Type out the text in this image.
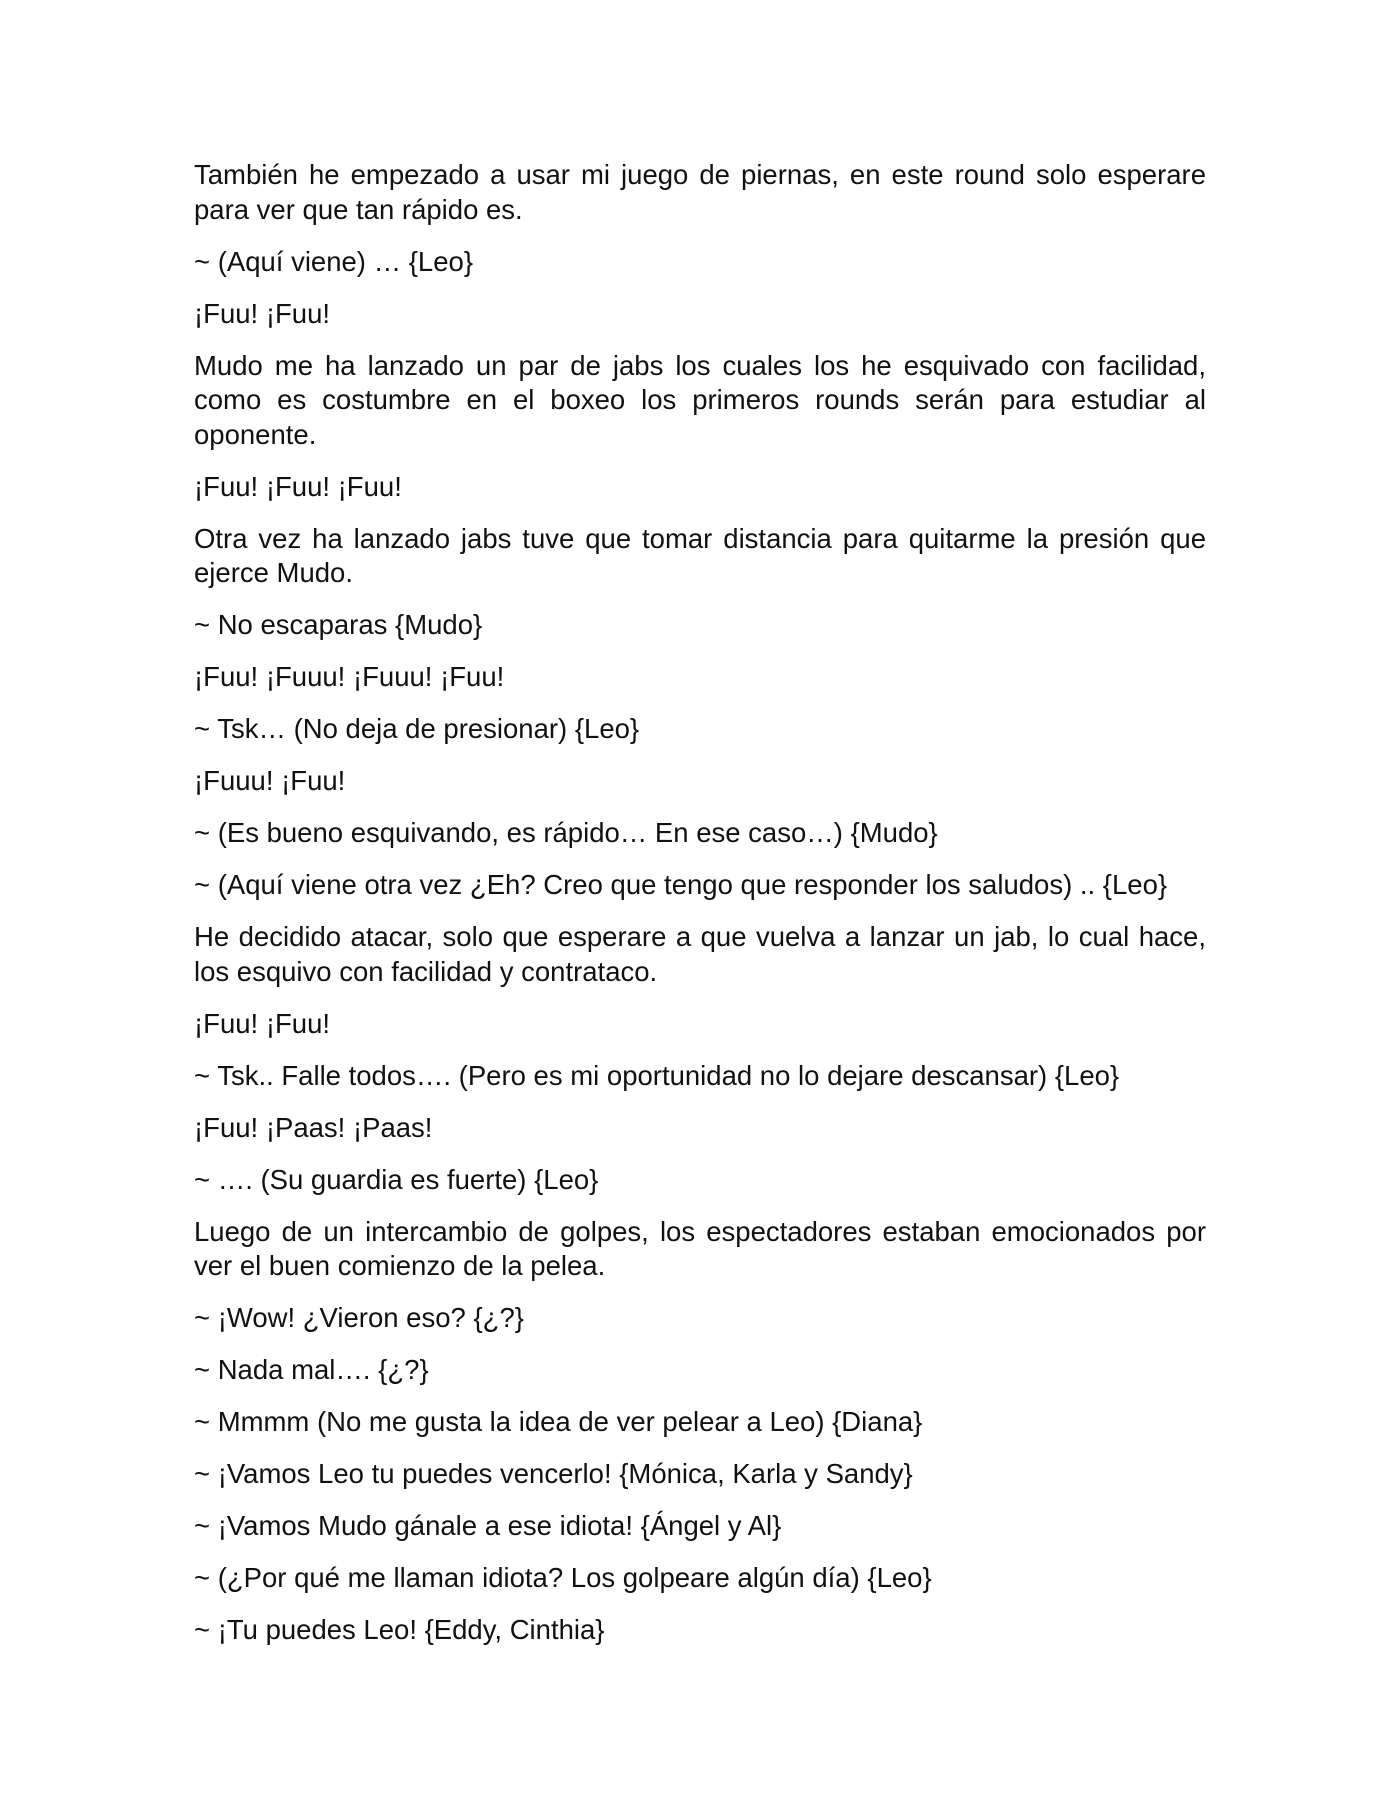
También he empezado a usar mi juego de piernas, en este round solo esperare para ver que tan rápido es.

~ (Aquí viene) … {Leo}

¡Fuu! ¡Fuu!

Mudo me ha lanzado un par de jabs los cuales los he esquivado con facilidad, como es costumbre en el boxeo los primeros rounds serán para estudiar al oponente.

¡Fuu! ¡Fuu! ¡Fuu!

Otra vez ha lanzado jabs tuve que tomar distancia para quitarme la presión que ejerce Mudo.

~ No escaparas {Mudo}

¡Fuu! ¡Fuuu! ¡Fuuu! ¡Fuu!

~ Tsk… (No deja de presionar) {Leo}

¡Fuuu! ¡Fuu!

~ (Es bueno esquivando, es rápido… En ese caso…) {Mudo}

~ (Aquí viene otra vez ¿Eh? Creo que tengo que responder los saludos) .. {Leo}

He decidido atacar, solo que esperare a que vuelva a lanzar un jab, lo cual hace, los esquivo con facilidad y contrataco.

¡Fuu! ¡Fuu!

~ Tsk.. Falle todos…. (Pero es mi oportunidad no lo dejare descansar) {Leo}

¡Fuu! ¡Paas! ¡Paas!

~ …. (Su guardia es fuerte) {Leo}

Luego de un intercambio de golpes, los espectadores estaban emocionados por ver el buen comienzo de la pelea.

~ ¡Wow! ¿Vieron eso? {¿?}

~ Nada mal…. {¿?}

~ Mmmm (No me gusta la idea de ver pelear a Leo) {Diana}

~ ¡Vamos Leo tu puedes vencerlo! {Mónica, Karla y Sandy}

~ ¡Vamos Mudo gánale a ese idiota! {Ángel y Al}

~ (¿Por qué me llaman idiota? Los golpeare algún día) {Leo}

~ ¡Tu puedes Leo! {Eddy, Cinthia}
